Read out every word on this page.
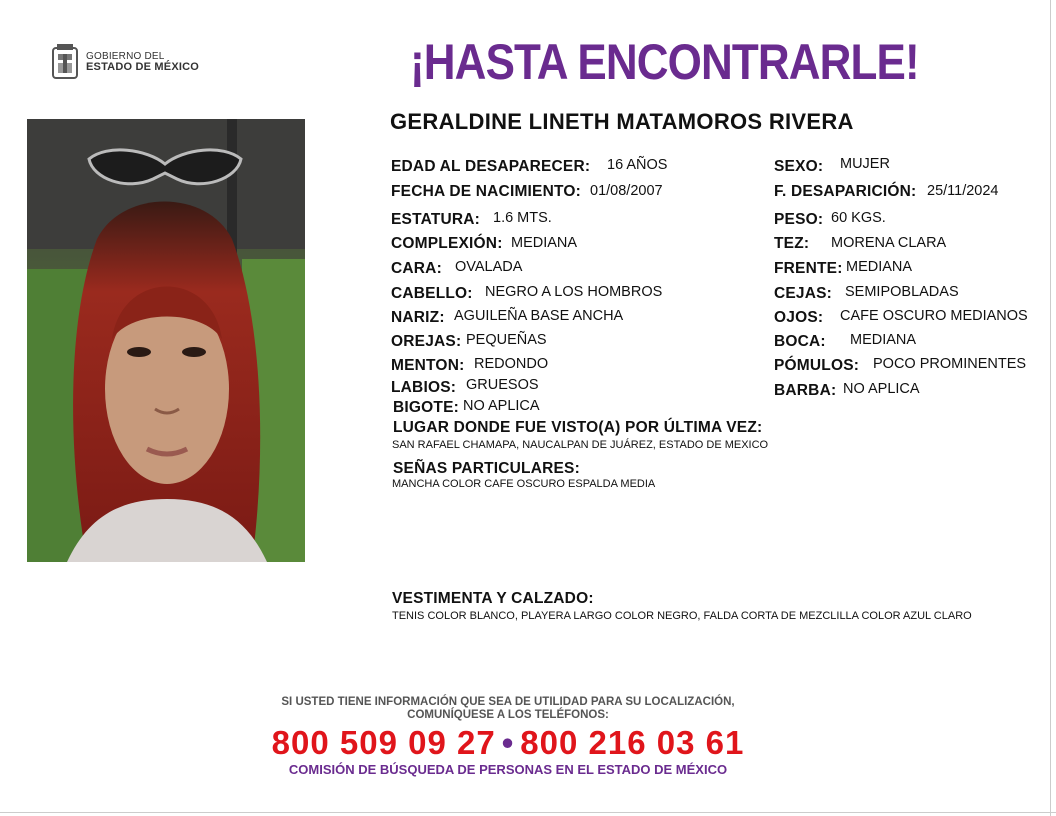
GOBIERNO DEL
ESTADO DE MÉXICO	¡HASTA ENCONTRARLE!
GERALDINE LINETH MATAMOROS RIVERA
EDAD AL DESAPARECER: 16 AÑOS
FECHA DE NACIMIENTO: 01/08/2007
ESTATURA: 1.6 MTS.
COMPLEXIÓN: MEDIANA
CARA: OVALADA
CABELLO: NEGRO A LOS HOMBROS
NARIZ: AGUILEÑA BASE ANCHA
OREJAS: PEQUEÑAS
MENTON: REDONDO
LABIOS: GRUESOS
BIGOTE: NO APLICA
SEXO: MUJER
F. DESAPARICIÓN: 25/11/2024
PESO: 60 KGS.
TEZ: MORENA CLARA
FRENTE: MEDIANA
CEJAS: SEMIPOBLADAS
OJOS: CAFE OSCURO MEDIANOS
BOCA: MEDIANA
PÓMULOS: POCO PROMINENTES
BARBA: NO APLICA
LUGAR DONDE FUE VISTO(A) POR ÚLTIMA VEZ:
SAN RAFAEL CHAMAPA, NAUCALPAN DE JUÁREZ, ESTADO DE MEXICO
SEÑAS PARTICULARES:
MANCHA COLOR CAFE OSCURO ESPALDA MEDIA
VESTIMENTA Y CALZADO:
TENIS COLOR BLANCO, PLAYERA LARGO COLOR NEGRO, FALDA CORTA DE MEZCLILLA COLOR AZUL CLARO
SI USTED TIENE INFORMACIÓN QUE SEA DE UTILIDAD PARA SU LOCALIZACIÓN,
COMUNÍQUESE A LOS TELÉFONOS:
800 509 09 27 • 800 216 03 61
COMISIÓN DE BÚSQUEDA DE PERSONAS EN EL ESTADO DE MÉXICO
